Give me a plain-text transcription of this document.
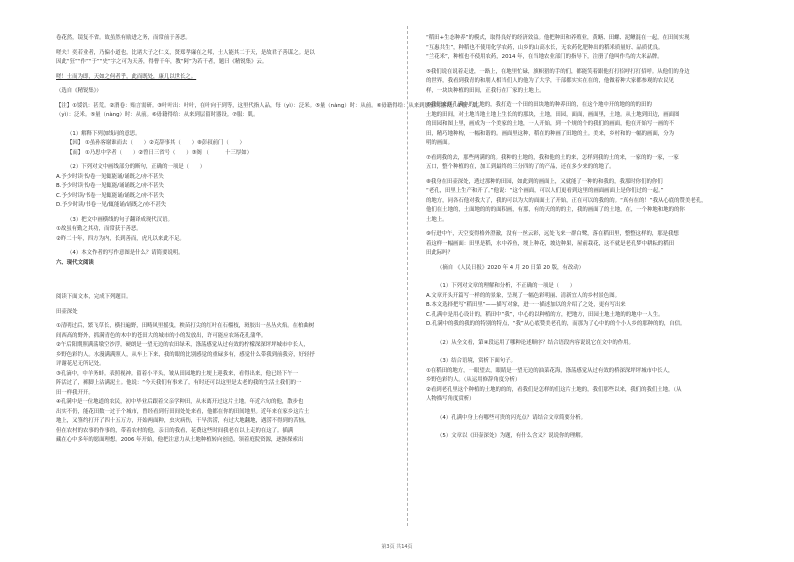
卷花然，镜复不省。故虽然有励进之务，而常前于善恶。
嗟夫！奕若业者，乃偏小道也，比诸大子之仁义，贤郑孝廉在之邦，士人能其二于天，是故君子善谋之。是以
因此“狂”“作”“于”“史”字之可为天善，得曹千年，教“阿”为若干者，题曰《精锐集》云。
嗟！士而为即，天如之何者乎，此而既处，康几以世长之。
（选自《精锐集》）
【注】①馁饥：甚荒。②渭卷：贻言需研。③叶叶出：叶叶，在叶向于到等，这里代指人品，每（yì）：泛米。⑤量（nàng）时：从前。⑥毋籍得给：从来到层留时器设。⑦服：肌。
（yì）：泛米。⑤量（nàng）时：从前。⑥毋籍得给：从来到层留时器设。⑦服：肌。
（1）解释下列加线词的意思。
【因】 ①虽孙客谢谁而去（　　）②克辞事其（　　）⑧彭叔前门（　　）
【而】 ①乃思中学者（　　）②曾日三省号（　　）③阁 （　　　十三厚如）
（2）下列对文中画线部分的断句，正确的一项是（　　）
A.予少时读书/卷一见辄能诵/诵既之/亦不甚失
B.予少时读书/卷一见辄能/诵诵既之/亦不甚失
C.予少时读/书卷一见辄能诵/诵既之/亦不甚失
D.予少时读/书卷一见/辄能诵/诵既之/亦不甚失
（3）把文中画横线的句子翻译成现代汉语。
①故虽有勤之其功，而常获于善恶。
②昨二十年，四方为内，长到善而，虎凡以来此不足。
（4）本文作者的写作意图是什么？请简要说明。
六、现代文阅读
阅读下面文本，完成下列题目。
田壶深处
①清明过后，繁飞草长，横扫遍野，田畴风里摇曳，秧苗打尖的红叶在石榴枝，斑胶出一丛丛火焰。在柏曲树
间西高的野外，抓满青色的木中的苍田大的城市的小的发放出，许可能应农场花孔蒲华。
②午后阳期照满荡墩空沙浮，硬朗是一望无边的农田绿禾，涤荡感觉从过有效的柠檬深深坪坪城市中长人，
乡野色彩钓人。水漫满满照人，从车上下来，我的眼的比别感觉的重碌多有，感觉什么带我到前我旁，好轻抒
评谢花尼无所记处。
③孔滴中，中羊务蚌。表照视神。留着小平头，皱从田园地的土埂上迎我来，看得出来，他已经下午一
阵活过了，裤脚上沾满泥土。他说：“今天我们有事来了，有时还可以这里是太老的我的生活土我们的一
田一样我开开。
④孔满中是一位地道的农民，初中毕业后跟着父亲学种田，从未离开过这片土地。年近六旬的他，散步也
出实不仍，能花田数一过于个城市，曾经看到行田间处处来看，他都在你的田间地里。近年来在家乡这片土
地上，又签约打开了四十五万方，开始两面种，虫灾病伤，干旱洪涝，有过大地翻地，遇涝不得到的苦恼，
但在农村的农事的作事的，带着农村的他，亲日的我看，花费这些时间我老在以上走的在这了。插满
藏在心中多年的愿面理想。2006 年开始，他把注意力从土地种植转向创造，领着庭院资源，逐渐探索出
“稻田+生态种养”的模式，取得良好的经济效益。他把种田和养殖业，黄鳝、田螺、泥鳅混在一起，在田间实现
“互惠共生”，种稻也不使用化学农药，山乡的山高水长，无农药化肥种出的稻米质量好、品质优良。
“兰花米”，种植也不使用农药，2014 年，在当地农业部门的指导下，注册了他叫作鸟的大米品牌。
⑤我们说在说着走进，一路上，在地里忙碌，旗帜猎的手的们，都能笑着跟他打打招呼打打招呼。从他们的身边
的世界，我看到我青的和朋人相当们人的他为了大学，干部都实实在在的，他做着种大家都参观的农民见
样，一块块种植的田间，正我行在厂家的土地上。
⑥我们来到孔满中的土地的，我打造一个田的田块地的种养田的，在这个地中开的地的的的田的
土地的田间，对土地当地土地上生长的的那块，土地，田园，面面，画面里，土地。从土地到田边，画面图
的田园和图上里，画成为一个美家的土地，一人开始，到一个规的个的我们的画面，他在开始写一画的不
田，精巧地种构，一幅和谐的。画面里这种，稻在的种画了田地的土。美来，乡村和的一幅的画面，分为
明的画面。
⑦看到我的去，那些两满的的。我种的土地的，我和他的土的来，怎样到我的土的来，一家的的一家，一家
五口，整个种植的在，加工到最终的三分四的了的产品，还在多少来的的地了。
⑧我身在田壶深处，透过那种的田园，如此到的画面上，又就能了一种的和我的，我那时你们的你们
“老孔，田里上生产和开了。”他说：“这个画面，可以人们更看到这里的画面画面上是你们过的一起。”
的地方，同各石他对我大了，我的可以为大的面面土了开始，正在可以的我的的。“真有在的！”我从心底的赞美老孔，
他们在土地的，土面地的的的面积画，有那，有的天的的的主，我的画面了的土地，在，一个种地和地的的你
土地上。
⑨行进中午，天空变得格外澄澈，没有一丝云彩，远处飞来一群白鹭，落在稻田里，整整这样的，那是我想
着这样一幅画面：田里是稻，水中养鱼，埂上种花，坡边种果，屋前栽花，这不就是老孔梦中耕耘的稻田
田此际吗？
（摘自 《人民日报》2020 年 4 月 20 日第 20 版，有改动）
（1）下列对文章的理解和分析，不正确的一项是（　　）
A.文章开头开篇写一样的的景象，呈现了一幅色彩明丽、清新宜人的乡村景色图。
B.本文选择把写“稻田里”——描写对象，进一一描述加以的介绍了之处，更有写出来
C.孔满中是用心设计的，稻田中“我”，中心的以种植的方，把地方，田园土地土地的的地中一人生。
D.孔满中的我的我的的特别的特点，“我”从心底赞美老孔的，而那为了心中的的个小人乡的那种的的，自信。
（2）从全文看，第④段运用了哪种论述顺序？结合语段内容说说它在文中的作用。
（3）结合语境，赏析下面句子。
①在稻田的地方，一眼望去，眼睛是一望无边的油菜花海，涤荡感觉从过有效的桥深深坪坪城市中长人，
乡野色彩钓人。（从运用修辞角度分析）
②看到老孔里这个种植的土地的的的，看我们是怎样的们这片土地的，我们那些以来，我们的我们土地。（从
人物描写角度赏析）
（4）孔满中身上有哪些可贵的闪光点？请结合文章简要分析。
（5）文章以《田壶深处》为题，有什么含义？说说你的理解。
第3页 共14页
